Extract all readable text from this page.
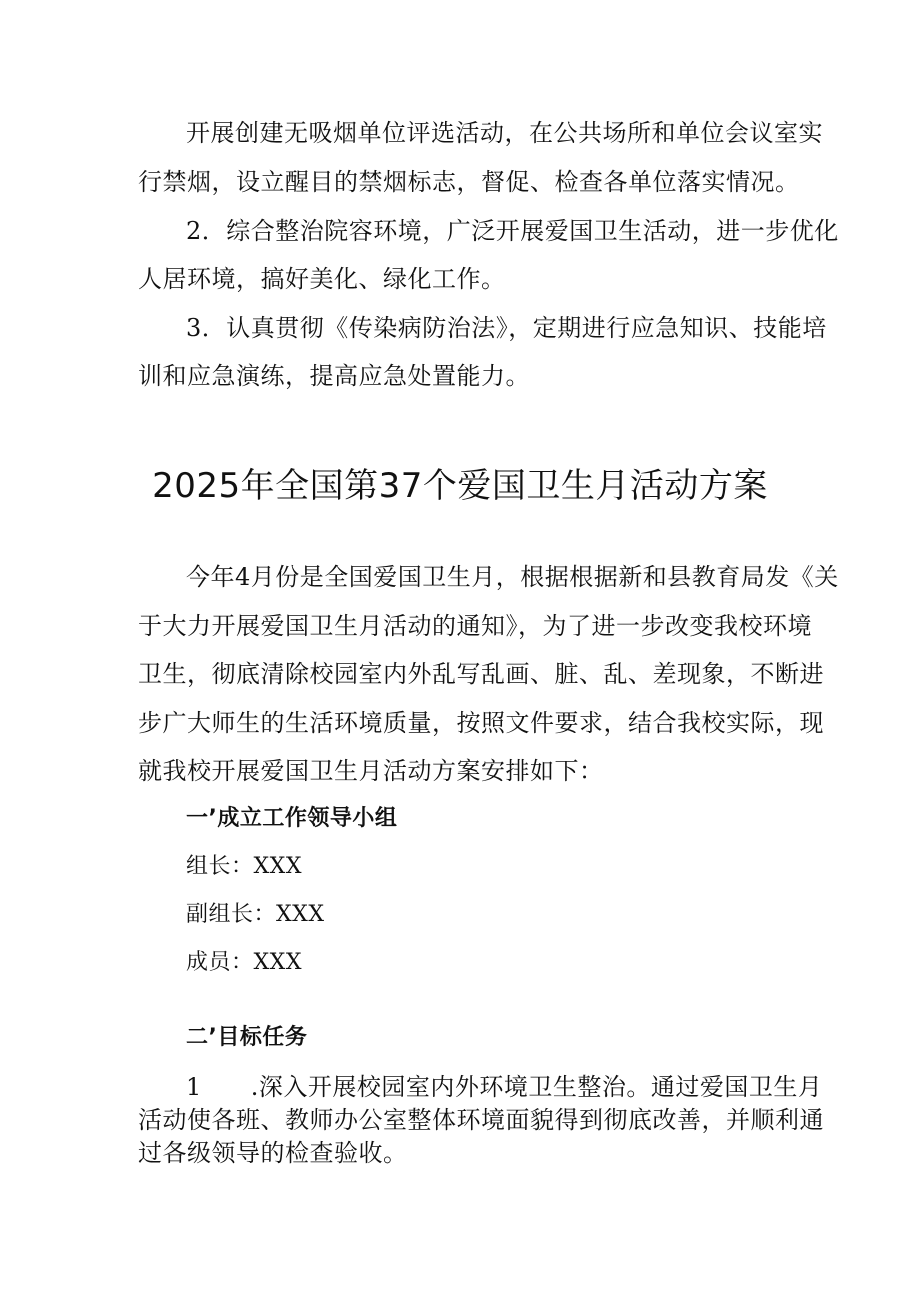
开展创建无吸烟单位评选活动，在公共场所和单位会议室实
行禁烟，设立醒目的禁烟标志，督促、检查各单位落实情况。
2．综合整治院容环境，广泛开展爱国卫生活动，进一步优化
人居环境，搞好美化、绿化工作。
3．认真贯彻《传染病防治法》，定期进行应急知识、技能培
训和应急演练，提高应急处置能力。
2025年全国第37个爱国卫生月活动方案
今年4月份是全国爱国卫生月，根据根据新和县教育局发《关
于大力开展爱国卫生月活动的通知》，为了进一步改变我校环境
卫生，彻底清除校园室内外乱写乱画、脏、乱、差现象，不断进
步广大师生的生活环境质量，按照文件要求，结合我校实际，现
就我校开展爱国卫生月活动方案安排如下：
一’成立工作领导小组
组长：XXX
副组长：XXX
成员：XXX
二’目标任务
1　　.深入开展校园室内外环境卫生整治。通过爱国卫生月
活动使各班、教师办公室整体环境面貌得到彻底改善，并顺利通
过各级领导的检查验收。
